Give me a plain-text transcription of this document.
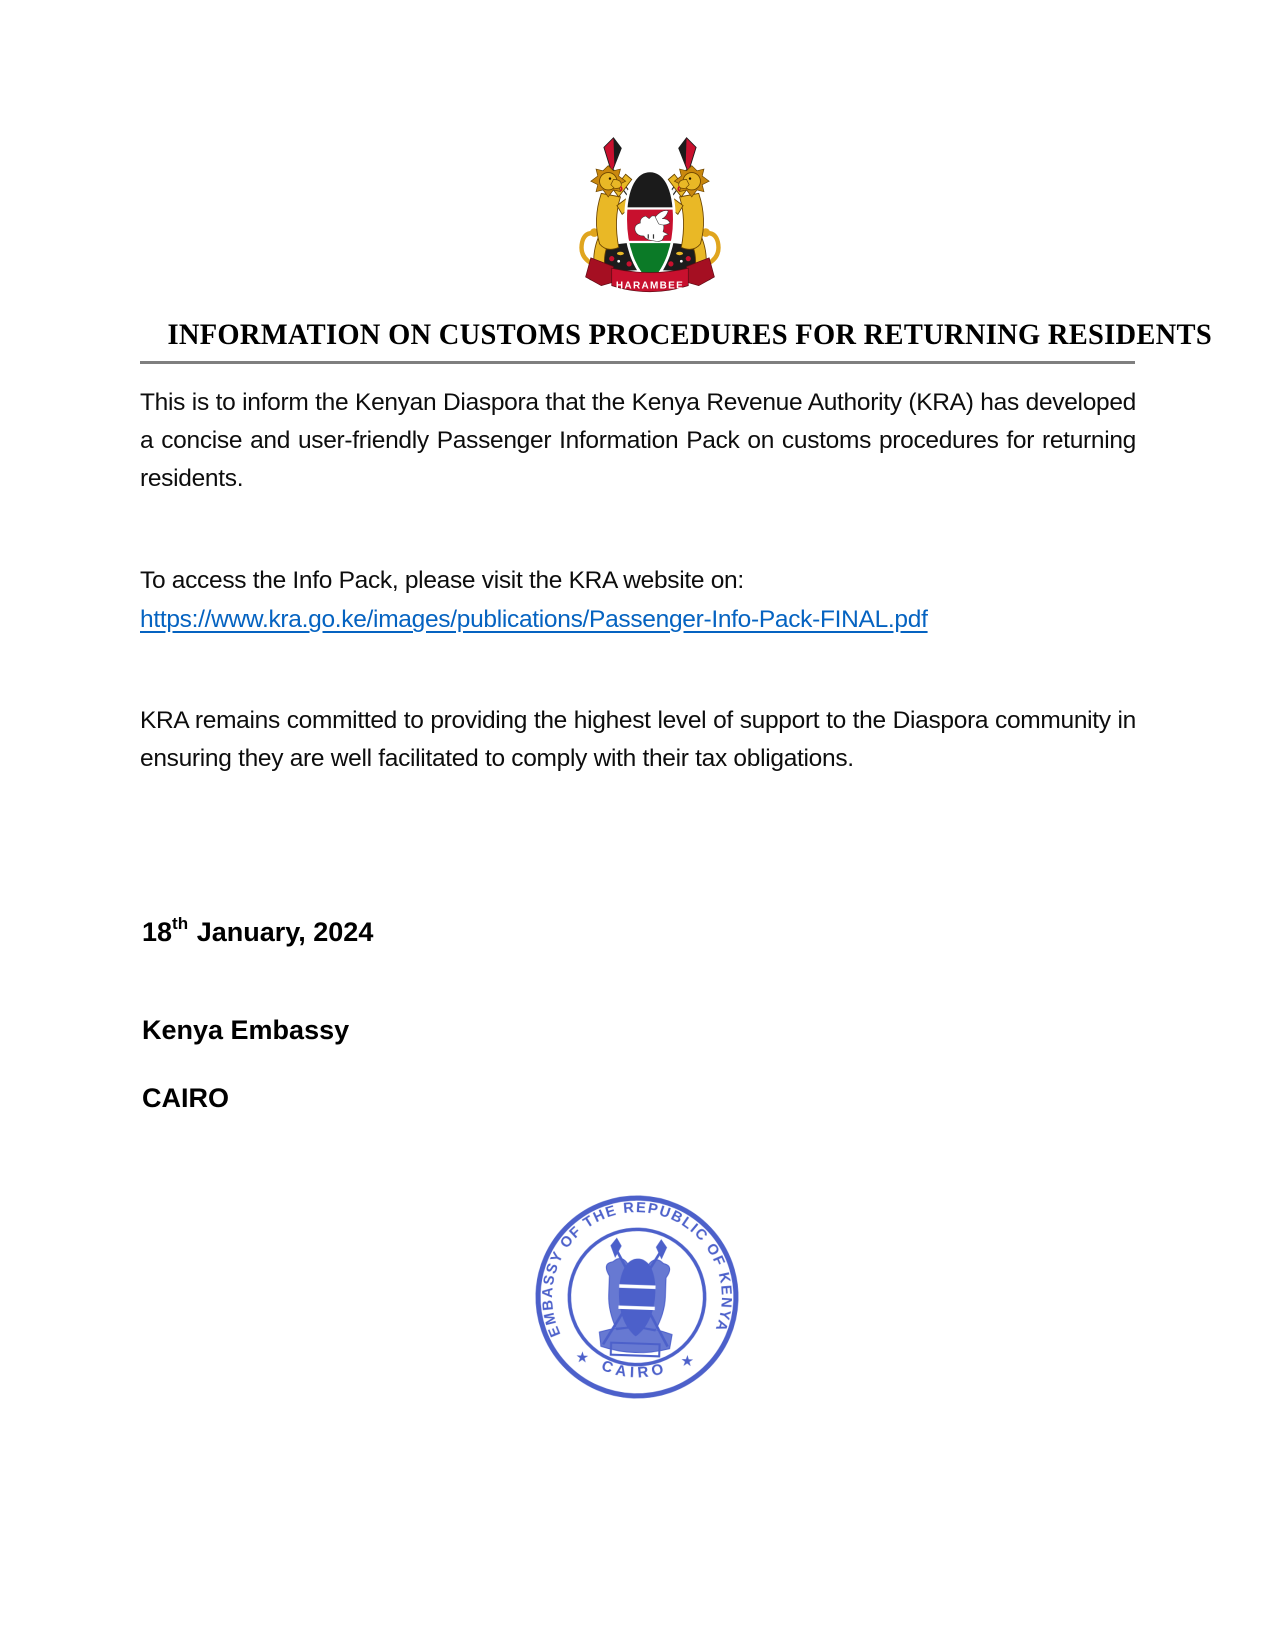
HARAMBEE
INFORMATION ON CUSTOMS PROCEDURES FOR RETURNING RESIDENTS

This is to inform the Kenyan Diaspora that the Kenya Revenue Authority (KRA) has developed a concise and user-friendly Passenger Information Pack on customs procedures for returning residents.

To access the Info Pack, please visit the KRA website on:

https://www.kra.go.ke/images/publications/Passenger-Info-Pack-FINAL.pdf

KRA remains committed to providing the highest level of support to the Diaspora community in ensuring they are well facilitated to comply with their tax obligations.

18th January, 2024

Kenya Embassy

CAIRO

EMBASSY OF THE REPUBLIC OF KENYA
CAIRO
★	★
